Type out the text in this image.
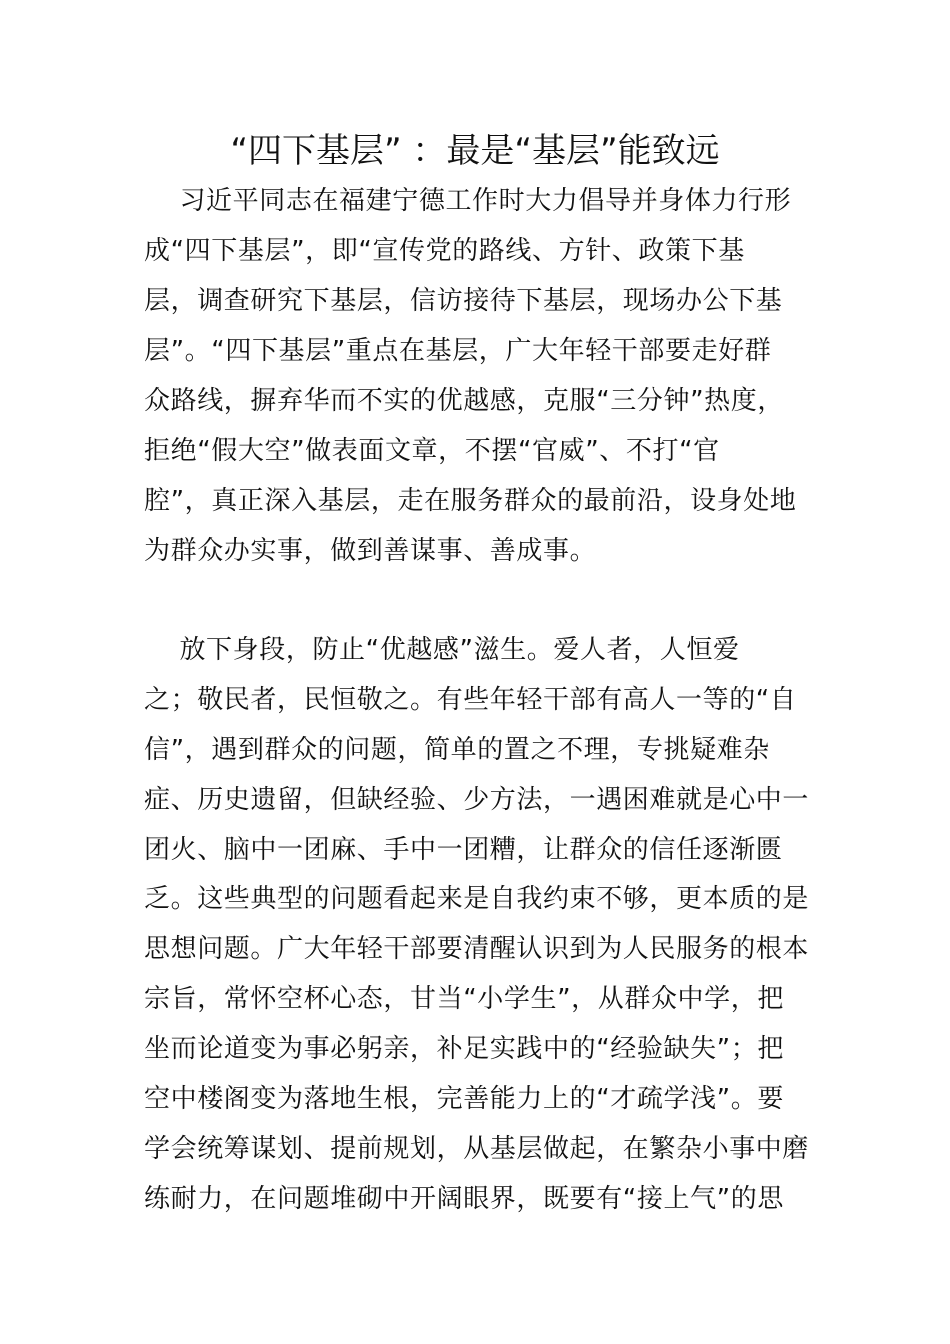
“四下基层” ：最是“基层”能致远
习近平同志在福建宁德工作时大力倡导并身体力行形
成“四下基层”，即“宣传党的路线、方针、政策下基
层，调查研究下基层，信访接待下基层，现场办公下基
层”。“四下基层”重点在基层，广大年轻干部要走好群
众路线，摒弃华而不实的优越感，克服“三分钟”热度，
拒绝“假大空”做表面文章，不摆“官威”、不打“官
腔”，真正深入基层，走在服务群众的最前沿，设身处地
为群众办实事，做到善谋事、善成事。
放下身段，防止“优越感”滋生。爱人者，人恒爱
之；敬民者，民恒敬之。有些年轻干部有高人一等的“自
信”，遇到群众的问题，简单的置之不理，专挑疑难杂
症、历史遗留，但缺经验、少方法，一遇困难就是心中一
团火、脑中一团麻、手中一团糟，让群众的信任逐渐匮
乏。这些典型的问题看起来是自我约束不够，更本质的是
思想问题。广大年轻干部要清醒认识到为人民服务的根本
宗旨，常怀空杯心态，甘当“小学生”，从群众中学，把
坐而论道变为事必躬亲，补足实践中的“经验缺失”；把
空中楼阁变为落地生根，完善能力上的“才疏学浅”。要
学会统筹谋划、提前规划，从基层做起，在繁杂小事中磨
练耐力，在问题堆砌中开阔眼界，既要有“接上气”的思
